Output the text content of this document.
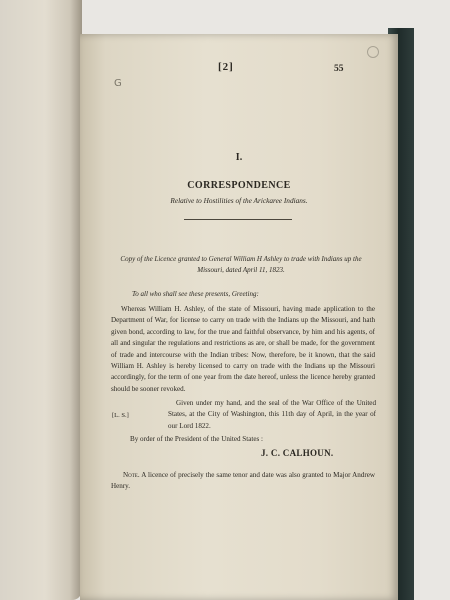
G
[2]	55
I.
CORRESPONDENCE
Relative to Hostilities of the Arickaree Indians.
Copy of the Licence granted to General William H Ashley to trade with Indians up the Missouri, dated April 11, 1823.
To all who shall see these presents, Greeting:
Whereas William H. Ashley, of the state of Missouri, having made application to the Department of War, for license to carry on trade with the Indians up the Missouri, and hath given bond, according to law, for the true and faithful observance, by him and his agents, of all and singular the regulations and restrictions as are, or shall be made, for the government of trade and intercourse with the Indian tribes: Now, therefore, be it known, that the said William H. Ashley is hereby licensed to carry on trade with the Indians up the Missouri accordingly, for the term of one year from the date hereof, unless the licence hereby granted should be sooner revoked.
[L. S.]
Given under my hand, and the seal of the War Office of the United States, at the City of Washington, this 11th day of April, in the year of our Lord 1822.
By order of the President of the United States :
J. C. CALHOUN.
Note. A licence of precisely the same tenor and date was also granted to Major Andrew Henry.
